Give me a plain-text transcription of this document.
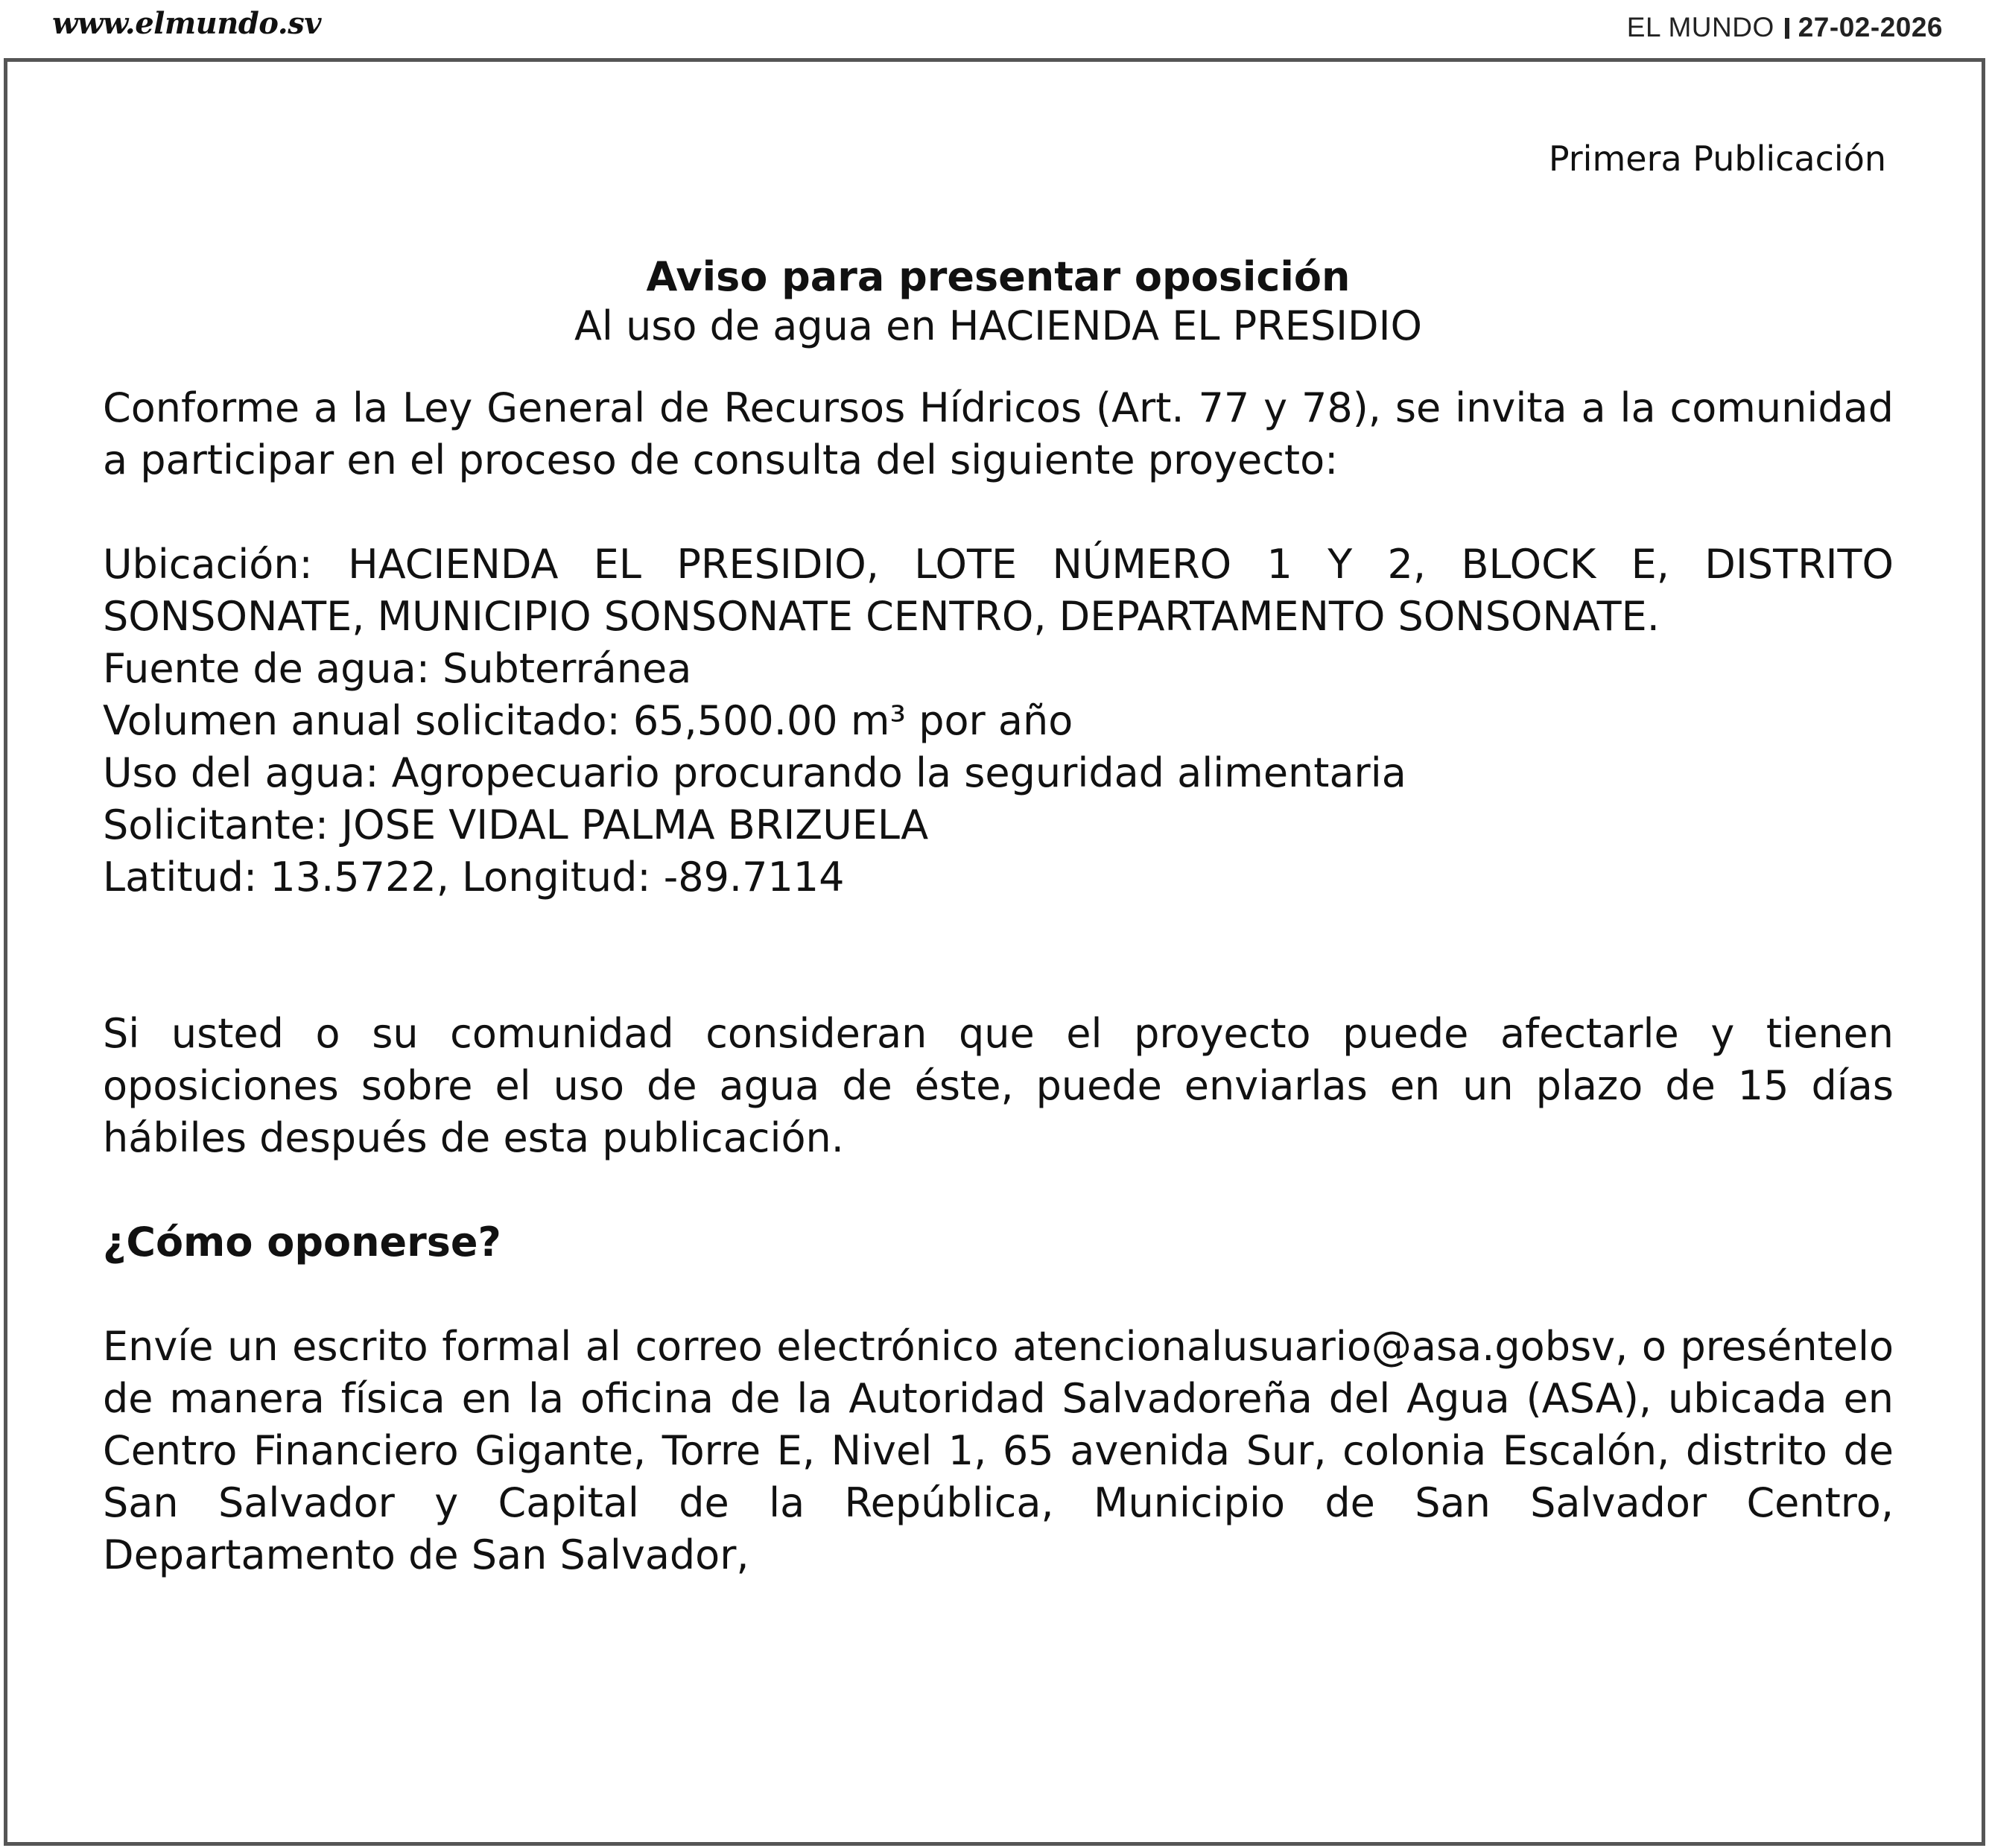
www.elmundo.sv	EL MUNDO 27-02-2026

Primera Publicación

Aviso para presentar oposición

Al uso de agua en HACIENDA EL PRESIDIO

Conforme a la Ley General de Recursos Hídricos (Art. 77 y 78), se invita a la comunidad a participar en el proceso de consulta del siguiente proyecto:

Ubicación: HACIENDA EL PRESIDIO, LOTE NÚMERO 1 Y 2, BLOCK E, DISTRITO SONSONATE, MUNICIPIO SONSONATE CENTRO, DEPARTAMENTO SONSONATE.
Fuente de agua: Subterránea
Volumen anual solicitado: 65,500.00 m³ por año
Uso del agua: Agropecuario procurando la seguridad alimentaria
Solicitante: JOSE VIDAL PALMA BRIZUELA
Latitud: 13.5722, Longitud: -89.7114

Si usted o su comunidad consideran que el proyecto puede afectarle y tienen oposiciones sobre el uso de agua de éste, puede enviarlas en un plazo de 15 días hábiles después de esta publicación.

¿Cómo oponerse?

Envíe un escrito formal al correo electrónico atencionalusuario@asa.gobsv, o preséntelo de manera física en la oficina de la Autoridad Salvadoreña del Agua (ASA), ubicada en Centro Financiero Gigante, Torre E, Nivel 1, 65 avenida Sur, colonia Escalón, distrito de San Salvador y Capital de la República, Municipio de San Salvador Centro, Departamento de San Salvador,
